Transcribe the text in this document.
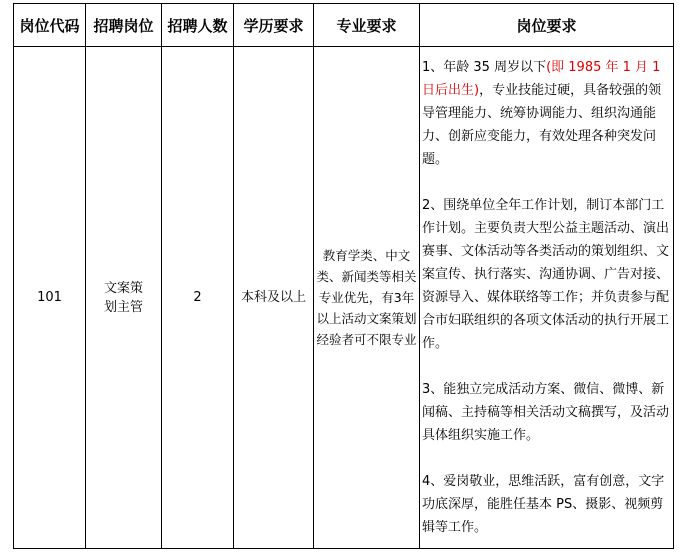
岗位代码	招聘岗位	招聘人数	学历要求	专业要求	岗位要求
101	文案策划主管	2	本科及以上	教育学类、中文类、新闻类等相关专业优先，有3年以上活动文案策划经验者可不限专业	1、年龄 35 周岁以下(即 1985 年 1 月 1 日后出生)，专业技能过硬，具备较强的领导管理能力、统筹协调能力、组织沟通能力、创新应变能力，有效处理各种突发问题。

2、围绕单位全年工作计划，制订本部门工作计划。主要负责大型公益主题活动、演出赛事、文体活动等各类活动的策划组织、文案宣传、执行落实、沟通协调、广告对接、资源导入、媒体联络等工作；并负责参与配合市妇联组织的各项文体活动的执行开展工作。

3、能独立完成活动方案、微信、微博、新闻稿、主持稿等相关活动文稿撰写，及活动具体组织实施工作。

4、爱岗敬业，思维活跃，富有创意，文字功底深厚，能胜任基本 PS、摄影、视频剪辑等工作。
